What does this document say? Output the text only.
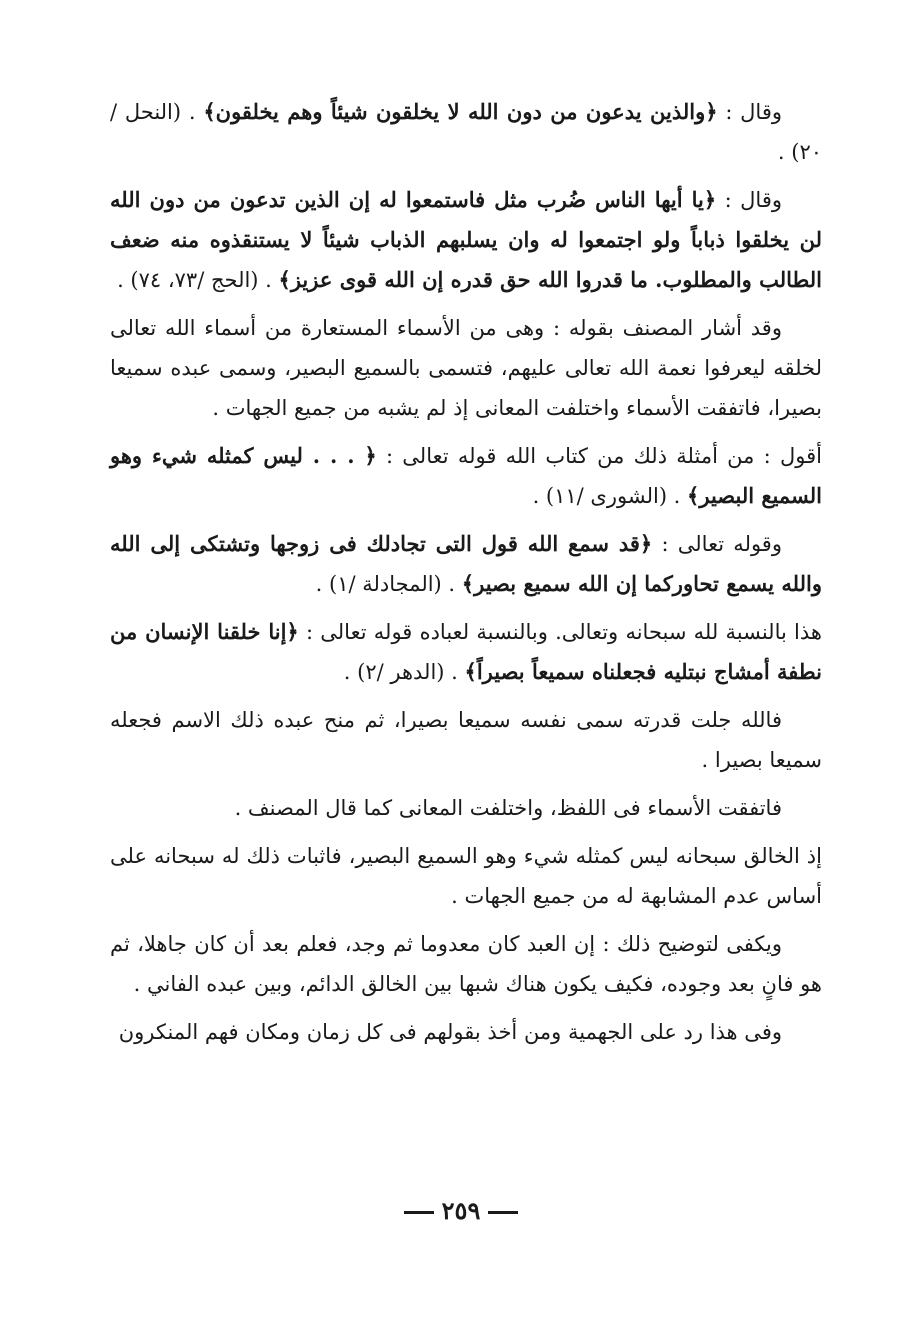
وقال : ﴿والذين يدعون من دون الله لا يخلقون شيئاً وهم يخلقون﴾ . (النحل / ٢٠) .

وقال : ﴿يا أيها الناس ضُرب مثل فاستمعوا له إن الذين تدعون من دون الله لن يخلقوا ذباباً ولو اجتمعوا له وان يسلبهم الذباب شيئاً لا يستنقذوه منه ضعف الطالب والمطلوب. ما قدروا الله حق قدره إن الله قوى عزيز﴾ . (الحج /٧٣، ٧٤) .

وقد أشار المصنف بقوله : وهى من الأسماء المستعارة من أسماء الله تعالى لخلقه ليعرفوا نعمة الله تعالى عليهم، فتسمى بالسميع البصير، وسمى عبده سميعا بصيرا، فاتفقت الأسماء واختلفت المعانى إذ لم يشبه من جميع الجهات .

أقول : من أمثلة ذلك من كتاب الله قوله تعالى : ﴿ . . . ليس كمثله شيء وهو السميع البصير﴾ . (الشورى /١١) .

وقوله تعالى : ﴿قد سمع الله قول التى تجادلك فى زوجها وتشتكى إلى الله والله يسمع تحاوركما إن الله سميع بصير﴾ . (المجادلة /١) .

هذا بالنسبة لله سبحانه وتعالى. وبالنسبة لعباده قوله تعالى : ﴿إنا خلقنا الإنسان من نطفة أمشاج نبتليه فجعلناه سميعاً بصيراً﴾ . (الدهر /٢) .

فالله جلت قدرته سمى نفسه سميعا بصيرا، ثم منح عبده ذلك الاسم فجعله سميعا بصيرا .

فاتفقت الأسماء فى اللفظ، واختلفت المعانى كما قال المصنف .

إذ الخالق سبحانه ليس كمثله شيء وهو السميع البصير، فاثبات ذلك له سبحانه على أساس عدم المشابهة له من جميع الجهات .

ويكفى لتوضيح ذلك : إن العبد كان معدوما ثم وجد، فعلم بعد أن كان جاهلا، ثم هو فانٍ بعد وجوده، فكيف يكون هناك شبها بين الخالق الدائم، وبين عبده الفاني .

وفى هذا رد على الجهمية ومن أخذ بقولهم فى كل زمان ومكان فهم المنكرون

٢٥٩
